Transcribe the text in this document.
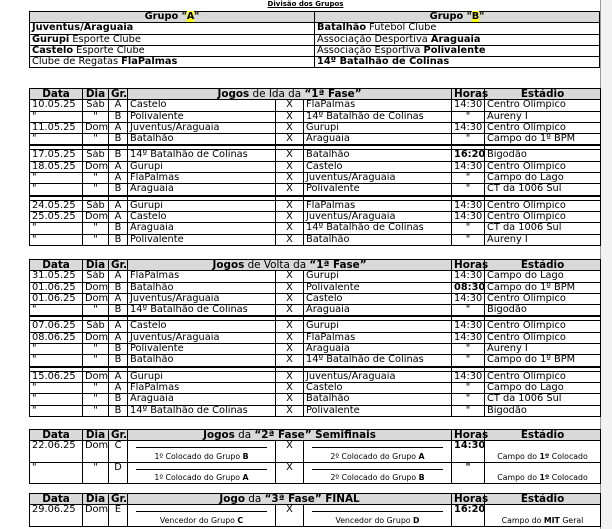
Divisão dos Grupos
Grupo "A"	Grupo "B"
Juventus/Araguaia	Batalhão Futebol Clube
Gurupi Esporte Clube	Associação Desportiva Araguaia
Castelo Esporte Clube	Associação Esportiva Polivalente
Clube de Regatas FlaPalmas	14º Batalhão de Colinas
Data	Dia	Gr.	Jogos de Ida da “1ª Fase”			Horas	Estádio
10.05.25	Sáb	A	Castelo	X	FlaPalmas	14:30	Centro Olímpico
"	"	B	Polivalente	X	14º Batalhão de Colinas	"	Aureny I
11.05.25	Dom	A	Juventus/Araguaia	X	Gurupi	14:30	Centro Olímpico
"	"	B	Batalhão	X	Araguaia	"	Campo do 1º BPM

17.05.25	Sáb	B	14º Batalhão de Colinas	X	Batalhão	16:20	Bigodão
18.05.25	Dom	A	Gurupi	X	Castelo	14:30	Centro Olímpico
"	"	A	FlaPalmas	X	Juventus/Araguaia	"	Campo do Lago
"	"	B	Araguaia	X	Polivalente	"	CT da 1006 Sul

24.05.25	Sáb	A	Gurupi	X	FlaPalmas	14:30	Centro Olímpico
25.05.25	Dom	A	Castelo	X	Juventus/Araguaia	14:30	Centro Olímpico
"	"	B	Araguaia	X	14º Batalhão de Colinas	"	CT da 1006 Sul
"	"	B	Polivalente	X	Batalhão	"	Aureny I
Data	Dia	Gr.	Jogos de Volta da “1ª Fase”			Horas	Estádio
31.05.25	Sáb	A	FlaPalmas	X	Gurupi	14:30	Campo do Lago
01.06.25	Dom	B	Batalhão	X	Polivalente	08:30	Campo do 1º BPM
01.06.25	Dom	A	Juventus/Araguaia	X	Castelo	14:30	Centro Olímpico
"	"	B	14º Batalhão de Colinas	X	Araguaia	"	Bigodão

07.06.25	Sáb	A	Castelo	X	Gurupi	14:30	Centro Olímpico
08.06.25	Dom	A	Juventus/Araguaia	X	FlaPalmas	14:30	Centro Olímpico
"	"	B	Polivalente	X	Araguaia	"	Aureny I
"	"	B	Batalhão	X	14º Batalhão de Colinas	"	Campo do 1º BPM

15.06.25	Dom	A	Gurupi	X	Juventus/Araguaia	14:30	Centro Olímpico
"	"	A	FlaPalmas	X	Castelo	"	Campo do Lago
"	"	B	Araguaia	X	Batalhão	"	CT da 1006 Sul
"	"	B	14º Batalhão de Colinas	X	Polivalente	"	Bigodão
Data	Dia	Gr.	Jogos da “2ª Fase” Semifinais			Horas	Estádio
22.06.25	Dom	C	1º Colocado do Grupo B	X	2º Colocado do Grupo A	14:30	Campo do 1º Colocado

"	"	D	1º Colocado do Grupo A	X	2º Colocado do Grupo B	"	Campo do 1º Colocado
Data	Dia	Gr.	Jogo da “3ª Fase” FINAL			Horas	Estádio
29.06.25	Dom	E	Vencedor do Grupo C	X	Vencedor do Grupo D	16:20	Campo do MIT Geral
